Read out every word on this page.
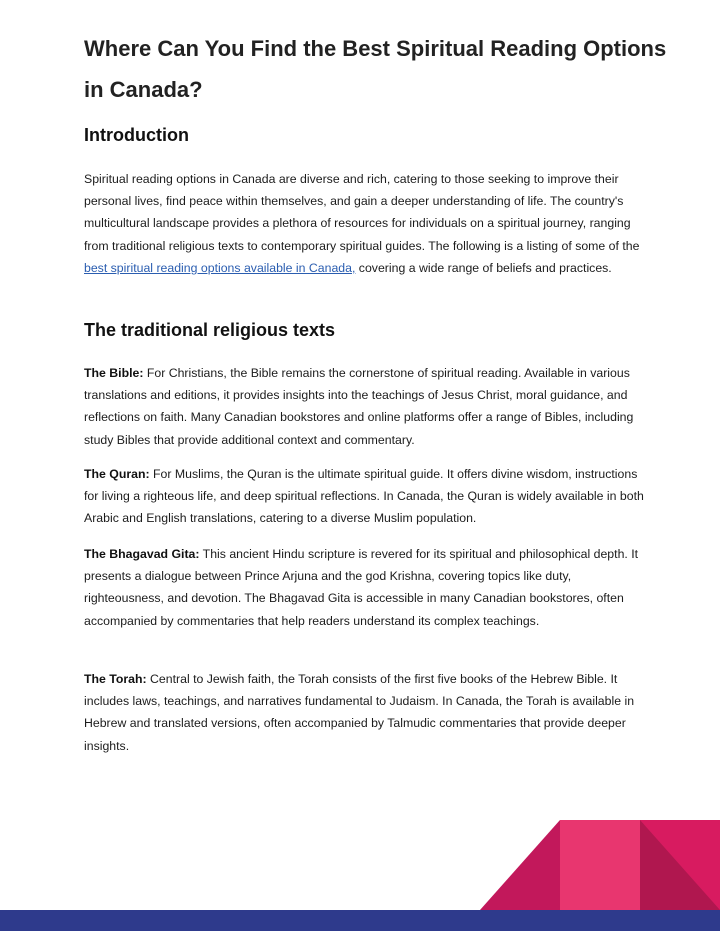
Where Can You Find the Best Spiritual Reading Options in Canada?
Introduction

Spiritual reading options in Canada are diverse and rich, catering to those seeking to improve their personal lives, find peace within themselves, and gain a deeper understanding of life. The country's multicultural landscape provides a plethora of resources for individuals on a spiritual journey, ranging from traditional religious texts to contemporary spiritual guides. The following is a listing of some of the best spiritual reading options available in Canada, covering a wide range of beliefs and practices.

The traditional religious texts

The Bible: For Christians, the Bible remains the cornerstone of spiritual reading. Available in various translations and editions, it provides insights into the teachings of Jesus Christ, moral guidance, and reflections on faith. Many Canadian bookstores and online platforms offer a range of Bibles, including study Bibles that provide additional context and commentary.

The Quran: For Muslims, the Quran is the ultimate spiritual guide. It offers divine wisdom, instructions for living a righteous life, and deep spiritual reflections. In Canada, the Quran is widely available in both Arabic and English translations, catering to a diverse Muslim population.

The Bhagavad Gita: This ancient Hindu scripture is revered for its spiritual and philosophical depth. It presents a dialogue between Prince Arjuna and the god Krishna, covering topics like duty, righteousness, and devotion. The Bhagavad Gita is accessible in many Canadian bookstores, often accompanied by commentaries that help readers understand its complex teachings.

The Torah: Central to Jewish faith, the Torah consists of the first five books of the Hebrew Bible. It includes laws, teachings, and narratives fundamental to Judaism. In Canada, the Torah is available in Hebrew and translated versions, often accompanied by Talmudic commentaries that provide deeper insights.
